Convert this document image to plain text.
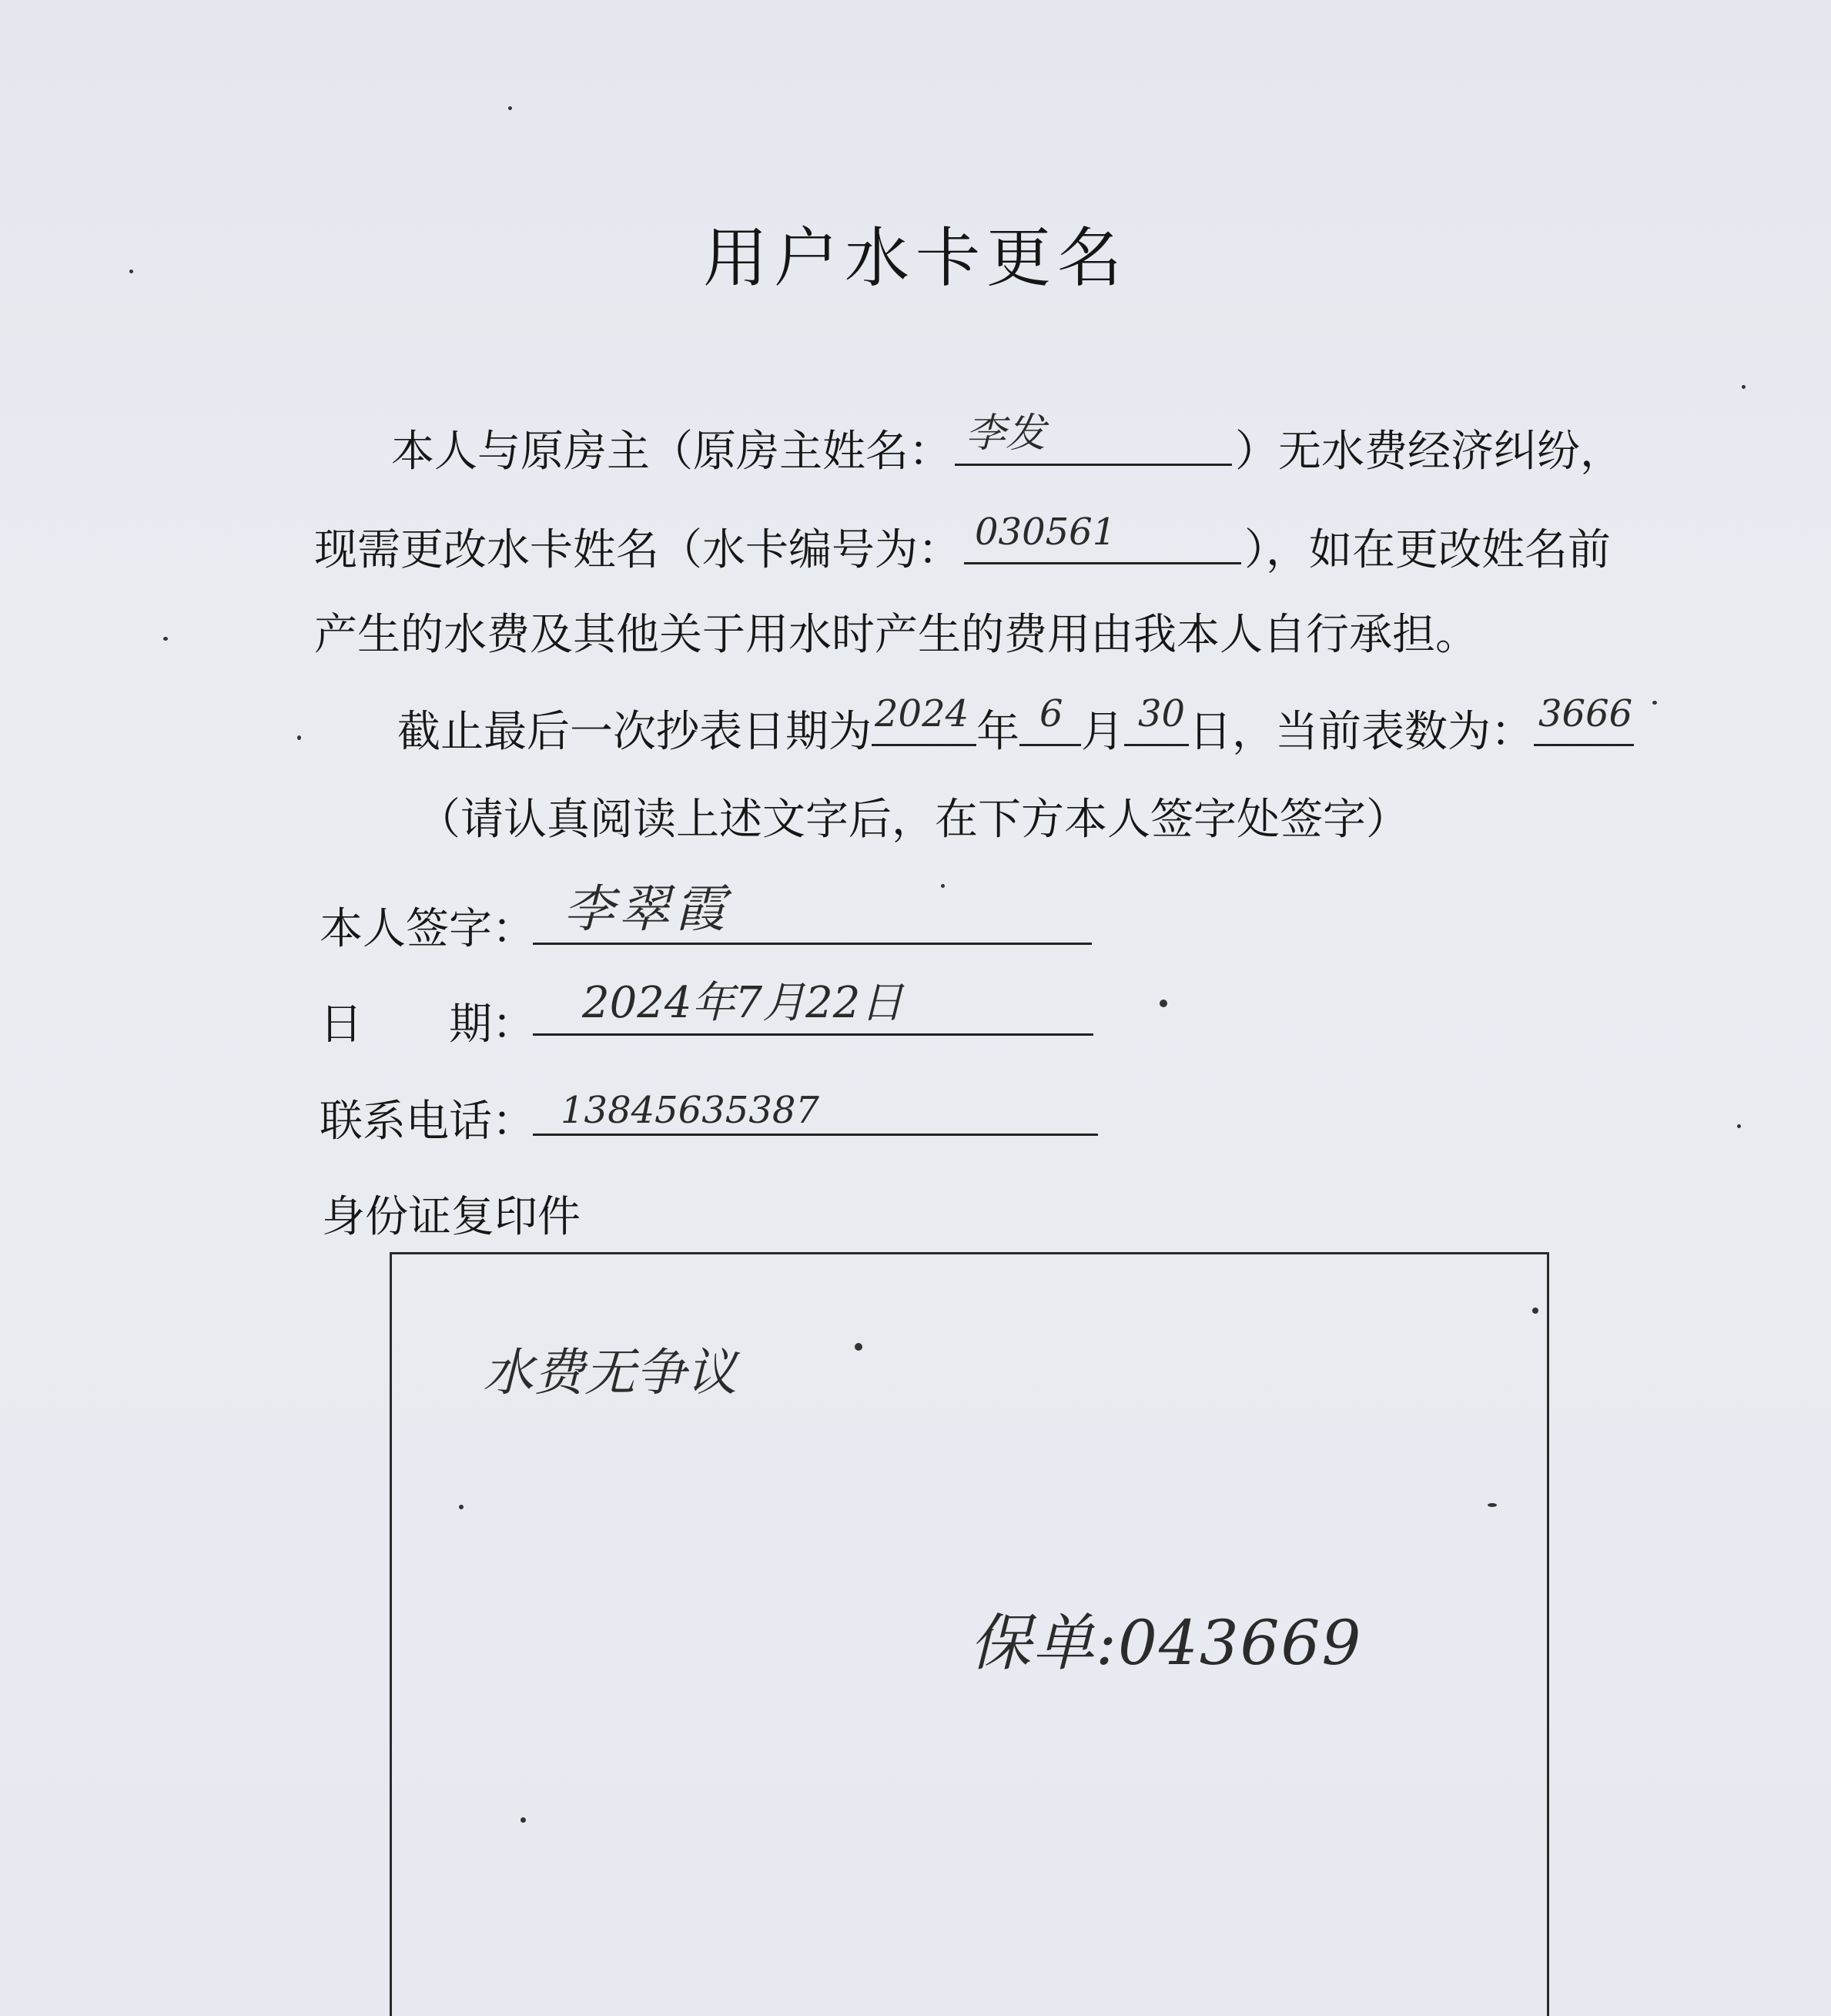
用户水卡更名
本人与原房主（原房主姓名： 李发	）无水费经济纠纷，
现需更改水卡姓名（水卡编号为： 030561	），如在更改姓名前
产生的水费及其他关于用水时产生的费用由我本人自行承担。
截止最后一次抄表日期为 2024 年 6 月 30 日，当前表数为： 3666
（请认真阅读上述文字后，在下方本人签字处签字）
本人签字： 李翠霞
日　　期： 2024年7月22日
联系电话： 13845635387
身份证复印件
水费无争议
保单:043669
